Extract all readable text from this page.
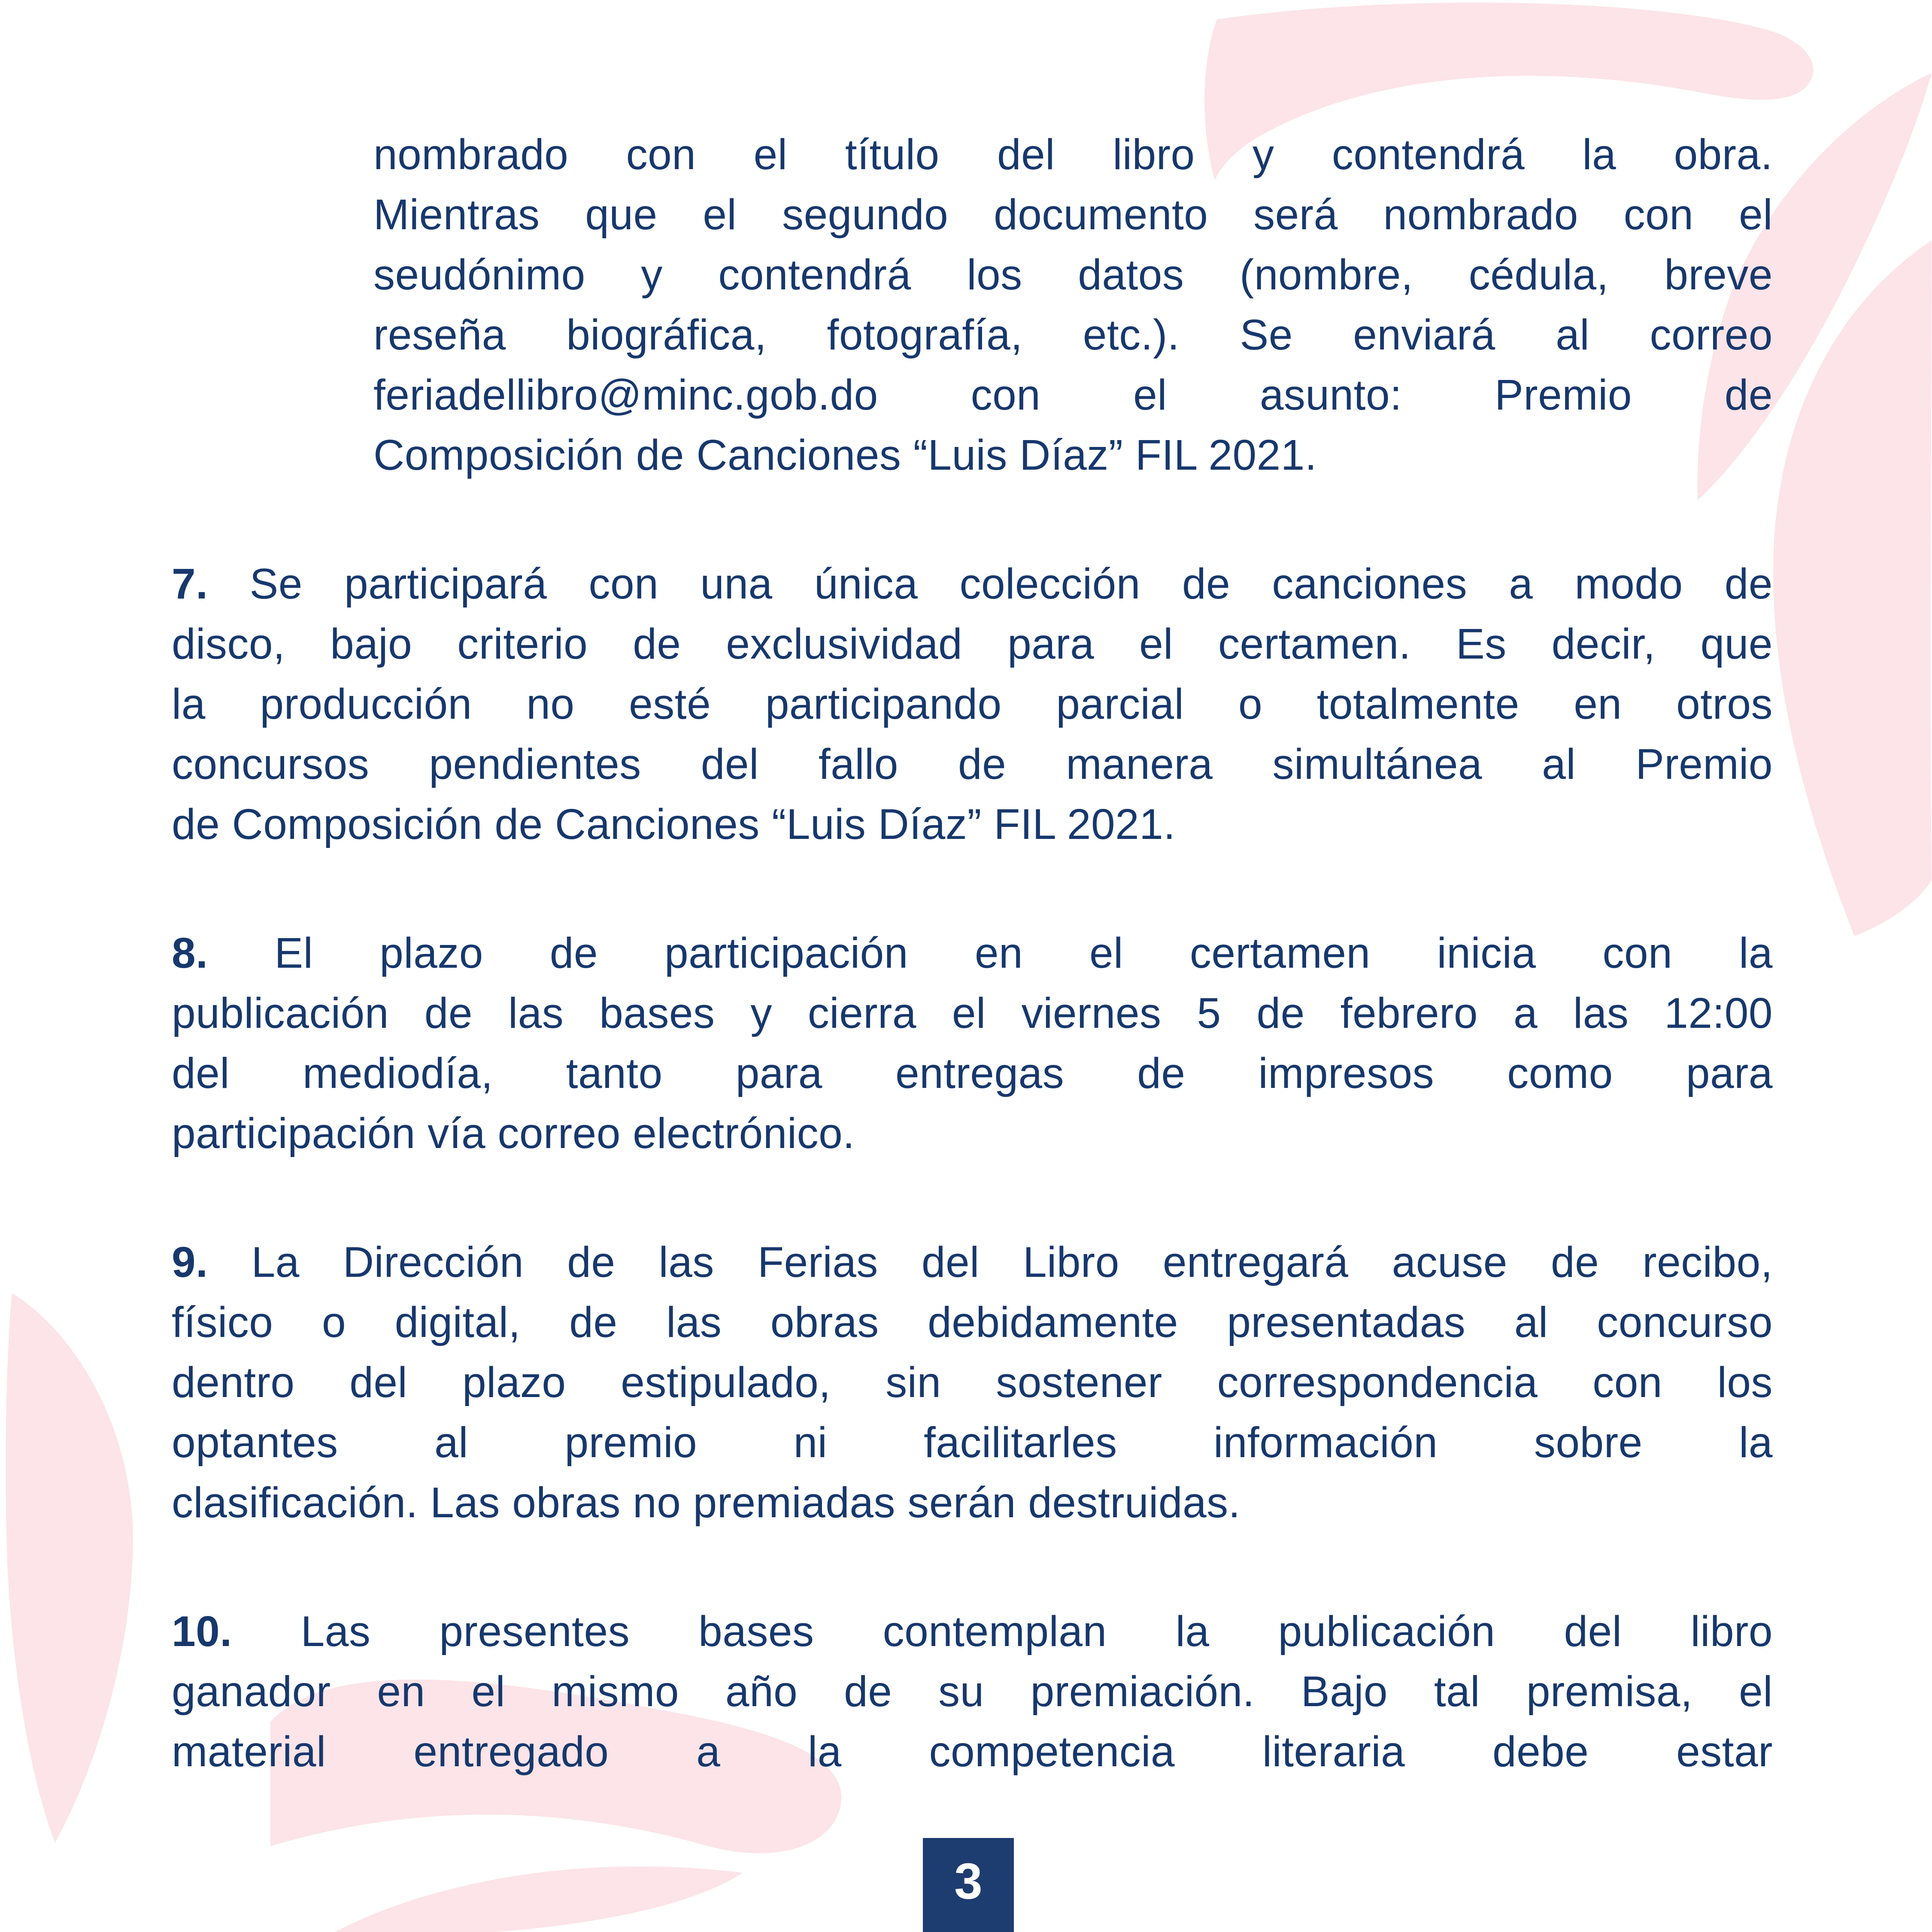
nombrado con el título del libro y contendrá la obra.
Mientras que el segundo documento será nombrado con el
seudónimo y contendrá los datos (nombre, cédula, breve
reseña biográfica, fotografía, etc.). Se enviará al correo
feriadellibro@minc.gob.do con el asunto: Premio de
Composición de Canciones “Luis Díaz” FIL 2021.
7. Se participará con una única colección de canciones a modo de
disco, bajo criterio de exclusividad para el certamen. Es decir, que
la producción no esté participando parcial o totalmente en otros
concursos pendientes del fallo de manera simultánea al Premio
de Composición de Canciones “Luis Díaz” FIL 2021.
8. El plazo de participación en el certamen inicia con la
publicación de las bases y cierra el viernes 5 de febrero a las 12:00
del mediodía, tanto para entregas de impresos como para
participación vía correo electrónico.
9. La Dirección de las Ferias del Libro entregará acuse de recibo,
físico o digital, de las obras debidamente presentadas al concurso
dentro del plazo estipulado, sin sostener correspondencia con los
optantes al premio ni facilitarles información sobre la
clasificación. Las obras no premiadas serán destruidas.
10. Las presentes bases contemplan la publicación del libro
ganador en el mismo año de su premiación. Bajo tal premisa, el
material entregado a la competencia literaria debe estar
3
